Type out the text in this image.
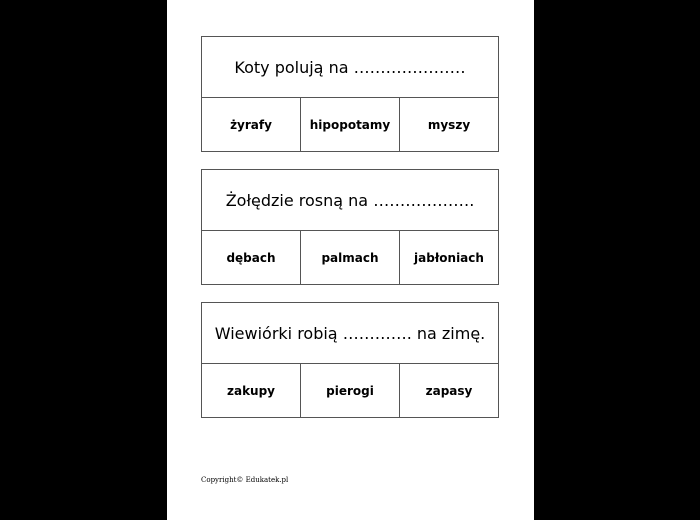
Koty polują na …………………
żyrafy	hipopotamy	myszy
Żołędzie rosną na ……………….
dębach	palmach	jabłoniach
Wiewiórki robią …………. na zimę.
zakupy	pierogi	zapasy
Copyright© Edukatek.pl
